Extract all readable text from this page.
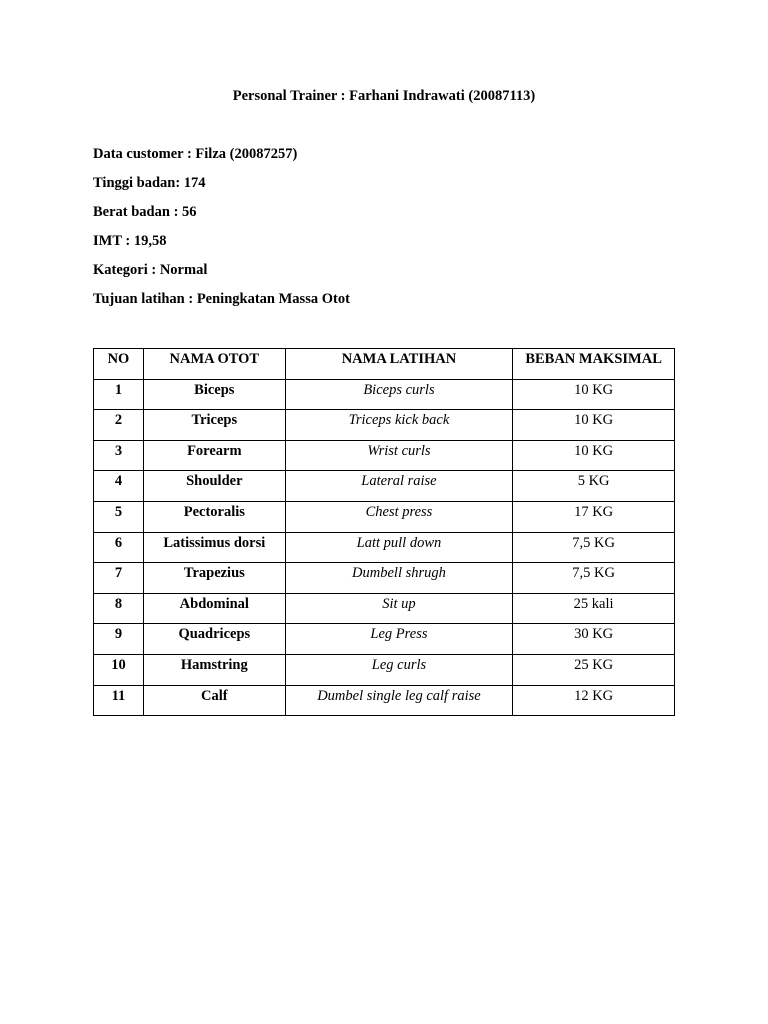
Personal Trainer : Farhani Indrawati (20087113)
Data customer : Filza (20087257)
Tinggi badan: 174
Berat badan : 56
IMT : 19,58
Kategori : Normal
Tujuan latihan : Peningkatan Massa Otot
NO	NAMA OTOT	NAMA LATIHAN	BEBAN MAKSIMAL
1	Biceps	Biceps curls	10 KG
2	Triceps	Triceps kick back	10 KG
3	Forearm	Wrist curls	10 KG
4	Shoulder	Lateral raise	5 KG
5	Pectoralis	Chest press	17 KG
6	Latissimus dorsi	Latt pull down	7,5 KG
7	Trapezius	Dumbell shrugh	7,5 KG
8	Abdominal	Sit up	25 kali
9	Quadriceps	Leg Press	30 KG
10	Hamstring	Leg curls	25 KG
11	Calf	Dumbel single leg calf raise	12 KG
